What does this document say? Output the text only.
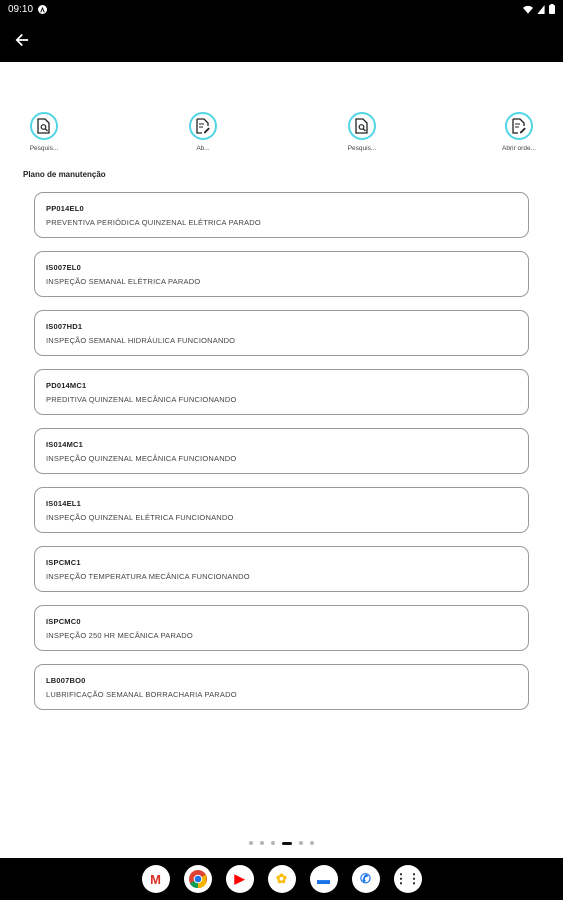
09:10
Pesquis...	Ab...	Pesquis...	Abrir orde...
Plano de manutenção
PP014EL0
PREVENTIVA PERIÓDICA QUINZENAL ELÉTRICA PARADO
IS007EL0
INSPEÇÃO SEMANAL ELÉTRICA PARADO
IS007HD1
INSPEÇÃO SEMANAL HIDRÁULICA FUNCIONANDO
PD014MC1
PREDITIVA QUINZENAL MECÂNICA FUNCIONANDO
IS014MC1
INSPEÇÃO QUINZENAL MECÂNICA FUNCIONANDO
IS014EL1
INSPEÇÃO QUINZENAL ELÉTRICA FUNCIONANDO
ISPCMC1
INSPEÇÃO TEMPERATURA MECÂNICA FUNCIONANDO
ISPCMC0
INSPEÇÃO 250 HR MECÂNICA PARADO
LB007BO0
LUBRIFICAÇÃO SEMANAL BORRACHARIA PARADO
M	▶	✿	▬	✆	⋮⋮
